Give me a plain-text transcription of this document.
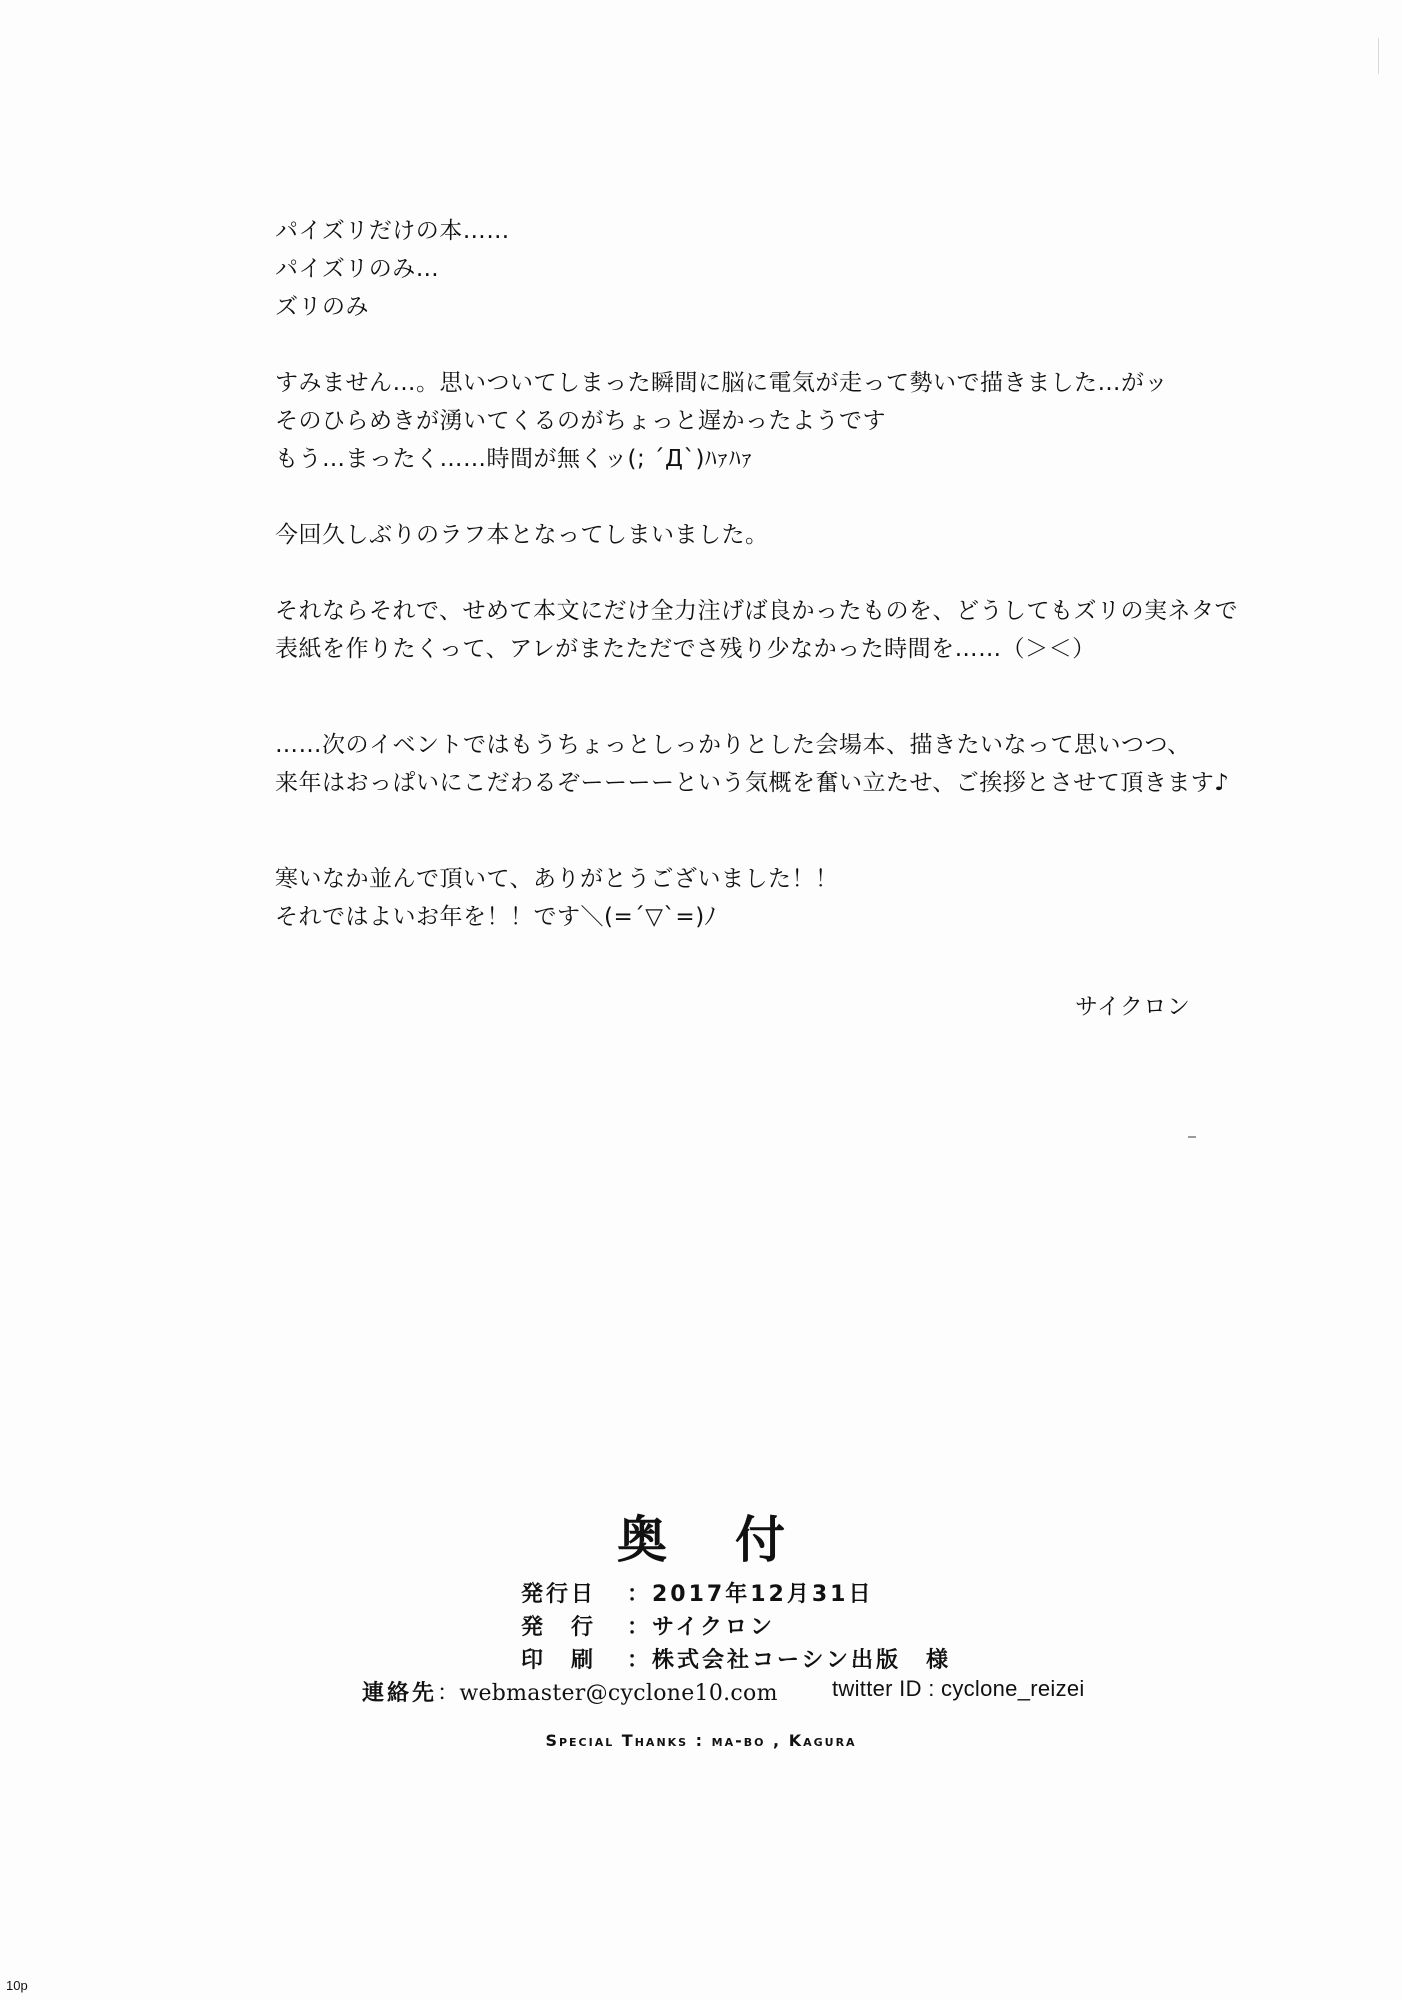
パイズリだけの本……
パイズリのみ…
ズリのみ
すみません…。思いついてしまった瞬間に脳に電気が走って勢いで描きました…がッ
そのひらめきが湧いてくるのがちょっと遅かったようです
もう…まったく……時間が無くッ(; ´Д`)ﾊｧﾊｧ
今回久しぶりのラフ本となってしまいました。
それならそれで、せめて本文にだけ全力注げば良かったものを、どうしてもズリの実ネタで
表紙を作りたくって、アレがまたただでさ残り少なかった時間を……（＞＜）
……次のイベントではもうちょっとしっかりとした会場本、描きたいなって思いつつ、
来年はおっぱいにこだわるぞーーーーという気概を奮い立たせ、ご挨拶とさせて頂きます♪
寒いなか並んで頂いて、ありがとうございました！！
それではよいお年を！！です＼(=´▽`=)ﾉ
サイクロン
奥付
発行日 ：2017年12月31日
発　行 ：サイクロン
印　刷 ：株式会社コーシン出版　様
連絡先：webmaster@cyclone10.com twitter ID : cyclone_reizei
Special Thanks : ma-bo , Kagura
10p
